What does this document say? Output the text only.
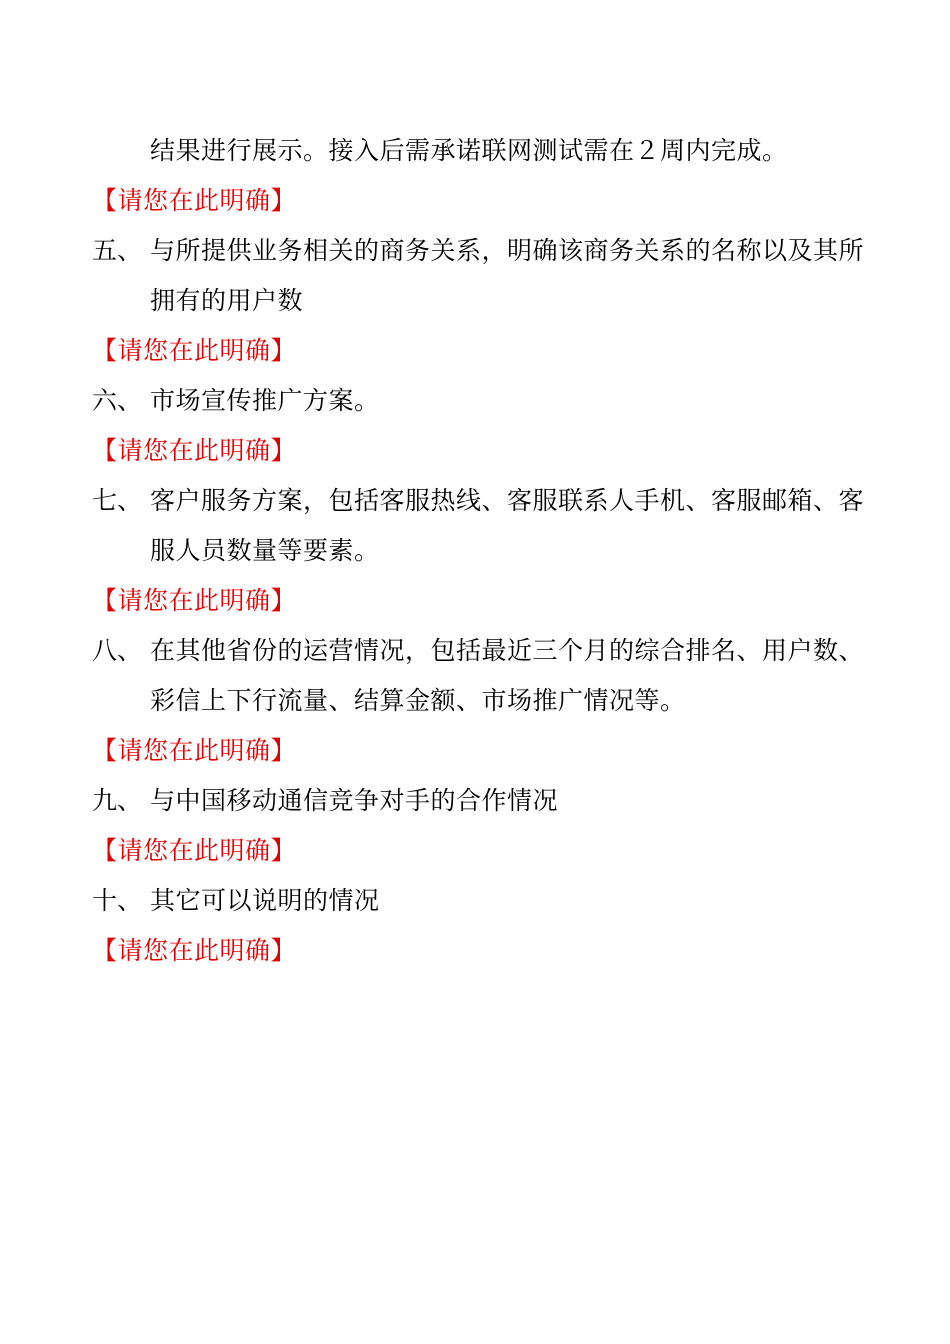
结果进行展示。接入后需承诺联网测试需在２周内完成。
【请您在此明确】
五、 与所提供业务相关的商务关系，明确该商务关系的名称以及其所
拥有的用户数
【请您在此明确】
六、 市场宣传推广方案。
【请您在此明确】
七、 客户服务方案，包括客服热线、客服联系人手机、客服邮箱、客
服人员数量等要素。
【请您在此明确】
八、 在其他省份的运营情况，包括最近三个月的综合排名、用户数、
彩信上下行流量、结算金额、市场推广情况等。
【请您在此明确】
九、 与中国移动通信竞争对手的合作情况
【请您在此明确】
十、 其它可以说明的情况
【请您在此明确】
